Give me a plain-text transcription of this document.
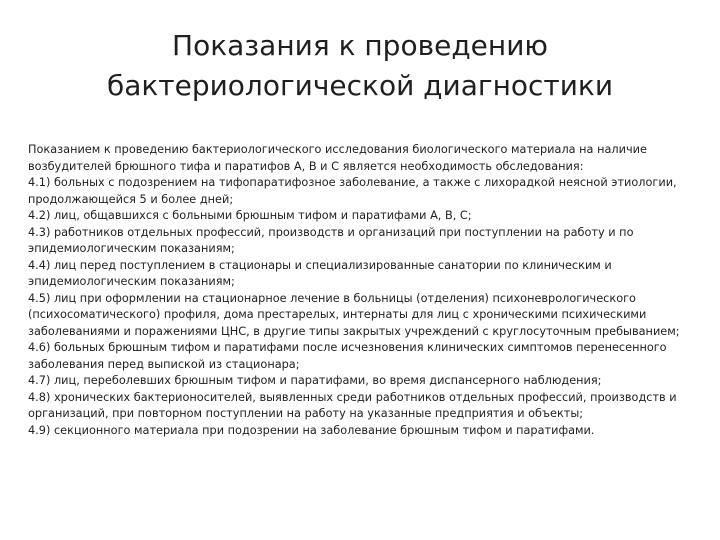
Показания к проведению
бактериологической диагностики

Показанием к проведению бактериологического исследования биологического материала на наличие возбудителей брюшного тифа и паратифов А, В и С является необходимость обследования:

4.1) больных с подозрением на тифопаратифозное заболевание, а также с лихорадкой неясной этиологии, продолжающейся 5 и более дней;

4.2) лиц, общавшихся с больными брюшным тифом и паратифами А, В, С;

4.3) работников отдельных профессий, производств и организаций при поступлении на работу и по эпидемиологическим показаниям;

4.4) лиц перед поступлением в стационары и специализированные санатории по клиническим и эпидемиологическим показаниям;

4.5) лиц при оформлении на стационарное лечение в больницы (отделения) психоневрологического (психосоматического) профиля, дома престарелых, интернаты для лиц с хроническими психическими заболеваниями и поражениями ЦНС, в другие типы закрытых учреждений с круглосуточным пребыванием;

4.6) больных брюшным тифом и паратифами после исчезновения клинических симптомов перенесенного заболевания перед выпиской из стационара;

4.7) лиц, переболевших брюшным тифом и паратифами, во время диспансерного наблюдения;

4.8) хронических бактерионосителей, выявленных среди работников отдельных профессий, производств и организаций, при повторном поступлении на работу на указанные предприятия и объекты;

4.9) секционного материала при подозрении на заболевание брюшным тифом и паратифами.
